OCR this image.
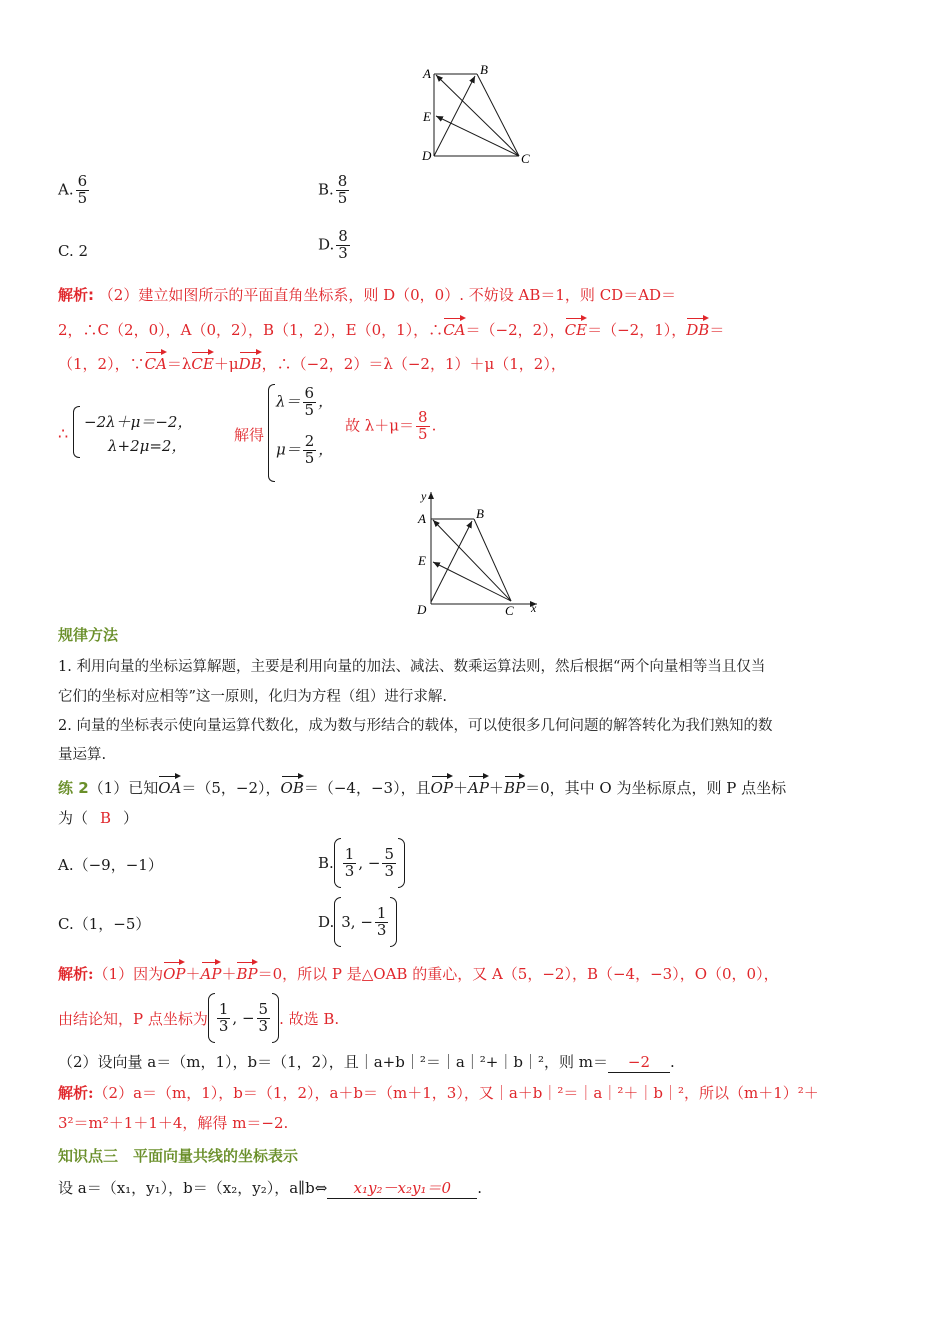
A	B
C
D
E
A. $\frac{6}{5}$	B. $\frac{8}{5}$
C. 2	D. $\frac{8}{3}$
解析: （2）建立如图所示的平面直角坐标系，则 D（0，0）. 不妨设 AB＝1，则 CD＝AD＝
2，∴C（2，0），A（0，2），B（1，2），E（0，1），∴CA＝（−2，2），CE＝（−2，1），DB＝
（1，2），∵CA＝λCE＋μDB，∴（−2，2）＝λ（−2，1）＋μ（1，2），
∴
−2λ＋μ＝−2，
λ+2μ=2，
解得
$\lambda= \frac{6}{5}$ ，
$\mu= \frac{2}{5}$ ，
故 $\lambda+\mu= \frac{8}{5}$ .
y
x
A	B
C
D
E
规律方法
1. 利用向量的坐标运算解题，主要是利用向量的加法、减法、数乘运算法则，然后根据“两个向量相等当且仅当
它们的坐标对应相等”这一原则，化归为方程（组）进行求解.
2. 向量的坐标表示使向量运算代数化，成为数与形结合的载体，可以使很多几何问题的解答转化为我们熟知的数
量运算.
练 2（1）已知OA＝（5，−2），OB＝（−4，−3），且OP＋AP＋BP＝0，其中 O 为坐标原点，则 P 点坐标
为（ B ）
A.（−9，−1）	B. $\frac{1}{3}$ , − $\frac{5}{3}$
C.（1，−5）	D. 3, − $\frac{1}{3}$
解析:（1）因为OP＋AP＋BP＝0，所以 P 是△OAB 的重心，又 A（5，−2），B（−4，−3），O（0，0），
由结论知，P 点坐标为 $\frac{1}{3}$ , − $\frac{5}{3}$ . 故选 B.
（2）设向量 a＝（m，1），b＝（1，2），且｜a+b｜²＝｜a｜²+｜b｜²，则 m＝ −2 .
解析:（2）a＝（m，1），b＝（1，2），a＋b＝（m＋1，3），又｜a＋b｜²＝｜a｜²＋｜b｜²，所以（m＋1）²＋
3²＝m²＋1＋1＋4，解得 m＝−2.
知识点三　平面向量共线的坐标表示
设 a＝（x₁，y₁），b＝（x₂，y₂），a∥b⇔ x₁y₂－x₂y₁＝0 .
